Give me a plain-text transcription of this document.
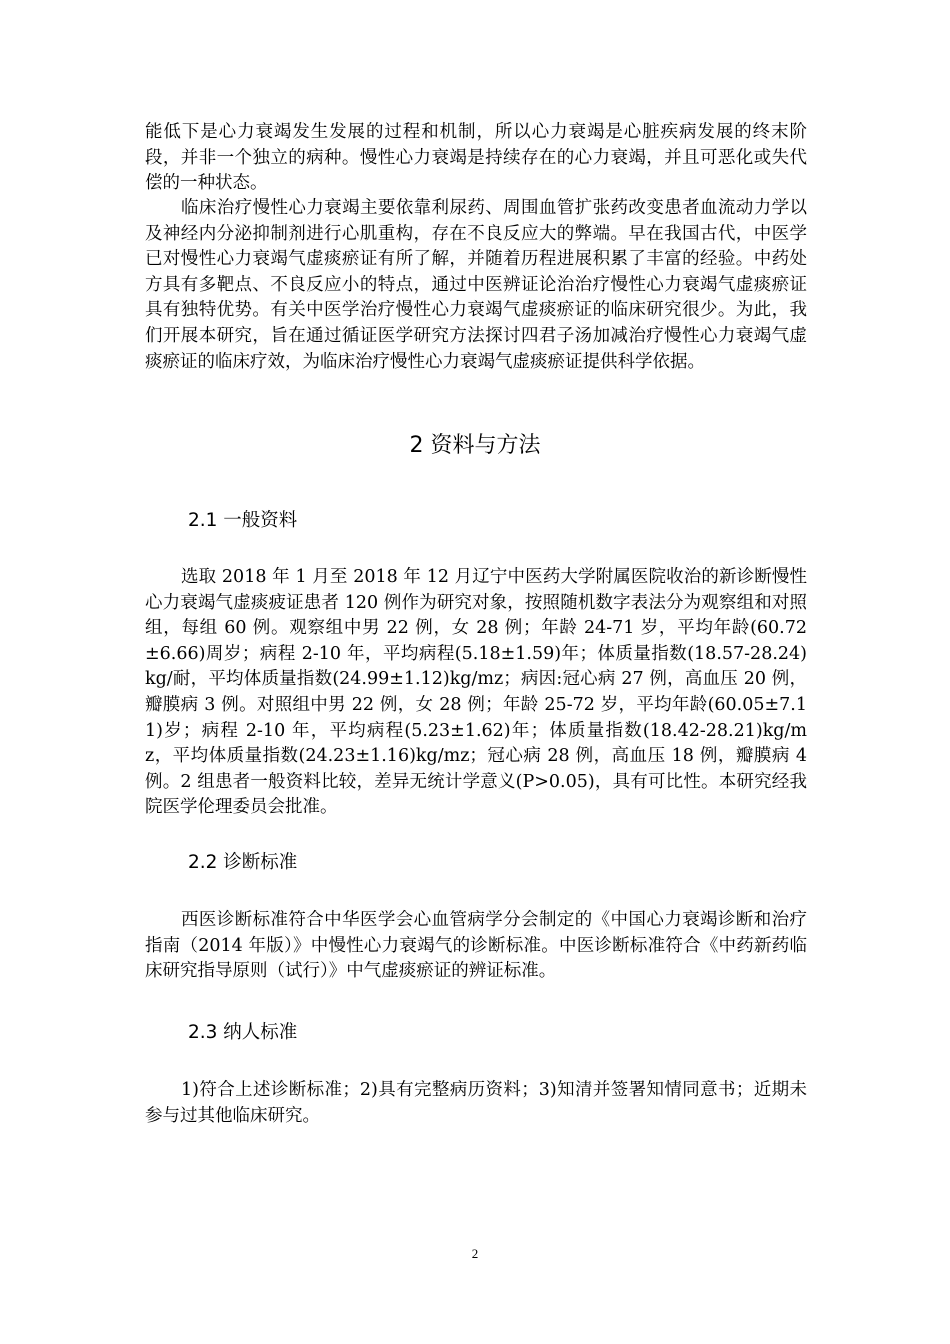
能低下是心力衰竭发生发展的过程和机制，所以心力衰竭是心脏疾病发展的终末阶段，并非一个独立的病种。慢性心力衰竭是持续存在的心力衰竭，并且可恶化或失代偿的一种状态。

临床治疗慢性心力衰竭主要依靠利尿药、周围血管扩张药改变患者血流动力学以及神经内分泌抑制剂进行心肌重构，存在不良反应大的弊端。早在我国古代，中医学已对慢性心力衰竭气虚痰瘀证有所了解，并随着历程进展积累了丰富的经验。中药处方具有多靶点、不良反应小的特点，通过中医辨证论治治疗慢性心力衰竭气虚痰瘀证具有独特优势。有关中医学治疗慢性心力衰竭气虚痰瘀证的临床研究很少。为此，我们开展本研究，旨在通过循证医学研究方法探讨四君子汤加减治疗慢性心力衰竭气虚痰瘀证的临床疗效，为临床治疗慢性心力衰竭气虚痰瘀证提供科学依据。

2 资料与方法
2.1 一般资料

选取 2018 年 1 月至 2018 年 12 月辽宁中医药大学附属医院收治的新诊断慢性心力衰竭气虚痰疲证患者 120 例作为研究对象，按照随机数字表法分为观察组和对照组，每组 60 例。观察组中男 22 例，女 28 例；年龄 24-71 岁，平均年龄(60.72±6.66)周岁；病程 2-10 年，平均病程(5.18±1.59)年；体质量指数(18.57-28.24)kg/耐，平均体质量指数(24.99±1.12)kg/mz；病因:冠心病 27 例，高血压 20 例，瓣膜病 3 例。对照组中男 22 例，女 28 例；年龄 25-72 岁，平均年龄(60.05±7.11)岁；病程 2-10 年，平均病程(5.23±1.62)年；体质量指数(18.42-28.21)kg/mz，平均体质量指数(24.23±1.16)kg/mz；冠心病 28 例，高血压 18 例，瓣膜病 4 例。2 组患者一般资料比较，差异无统计学意义(P>0.05)，具有可比性。本研究经我院医学伦理委员会批准。

2.2 诊断标准

西医诊断标准符合中华医学会心血管病学分会制定的《中国心力衰竭诊断和治疗指南（2014 年版）》中慢性心力衰竭气的诊断标准。中医诊断标准符合《中药新药临床研究指导原则（试行）》中气虚痰瘀证的辨证标准。

2.3 纳人标准

1)符合上述诊断标准；2)具有完整病历资料；3)知清并签署知情同意书；近期未参与过其他临床研究。

2
